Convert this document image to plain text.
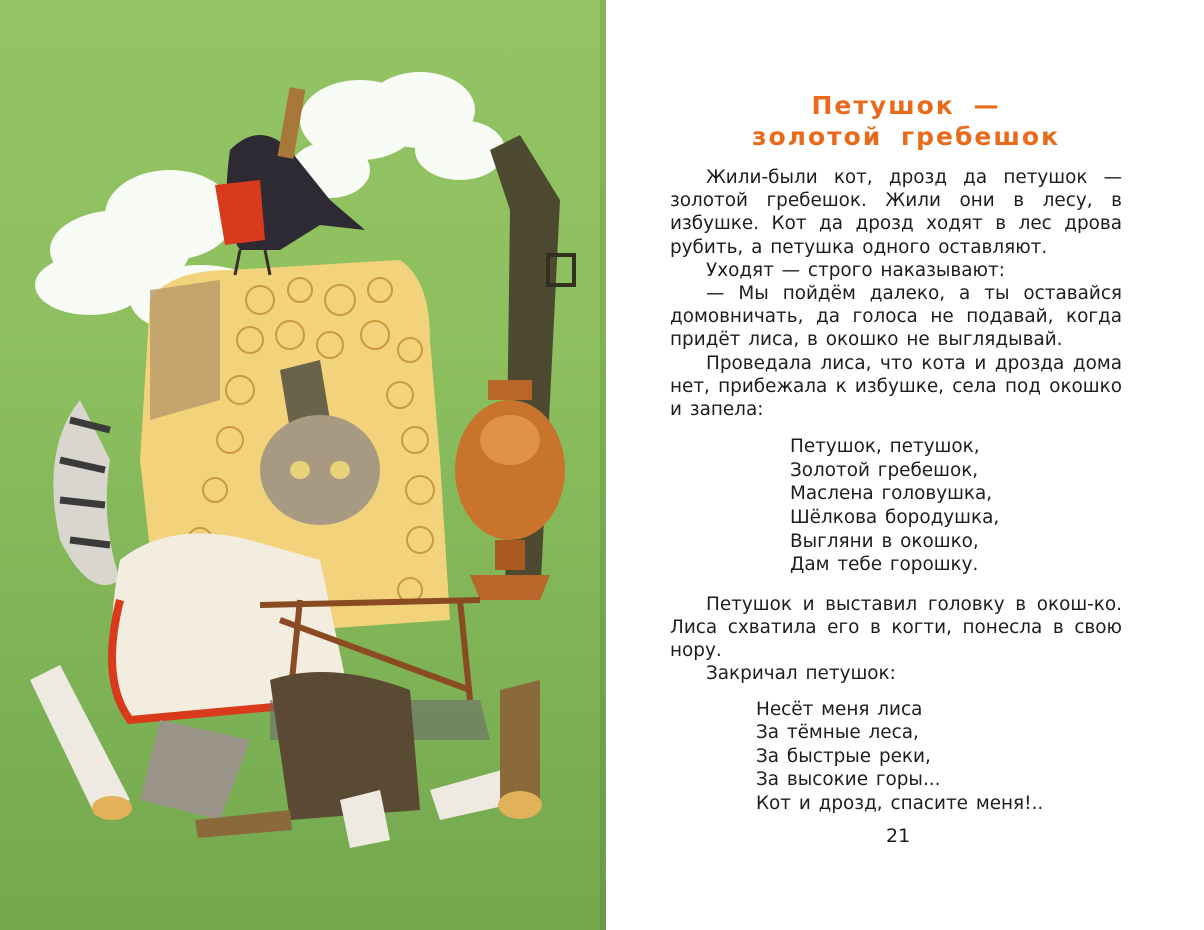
Петушок —
золотой гребешок

Жили-были кот, дрозд да петушок — золотой гребешок. Жили они в лесу, в избушке. Кот да дрозд ходят в лес дрова рубить, а петушка одного оставляют.

Уходят — строго наказывают:

— Мы пойдём далеко, а ты оставайся домовничать, да голоса не подавай, когда придёт лиса, в окошко не выглядывай.

Проведала лиса, что кота и дрозда дома нет, прибежала к избушке, села под окошко и запела:

Петушок, петушок,
Золотой гребешок,
Маслена головушка,
Шёлкова бородушка,
Выгляни в окошко,
Дам тебе горошку.

Петушок и выставил головку в окош-ко. Лиса схватила его в когти, понесла в свою нору.

Закричал петушок:

Несёт меня лиса
За тёмные леса,
За быстрые реки,
За высокие горы...
Кот и дрозд, спасите меня!..
21
